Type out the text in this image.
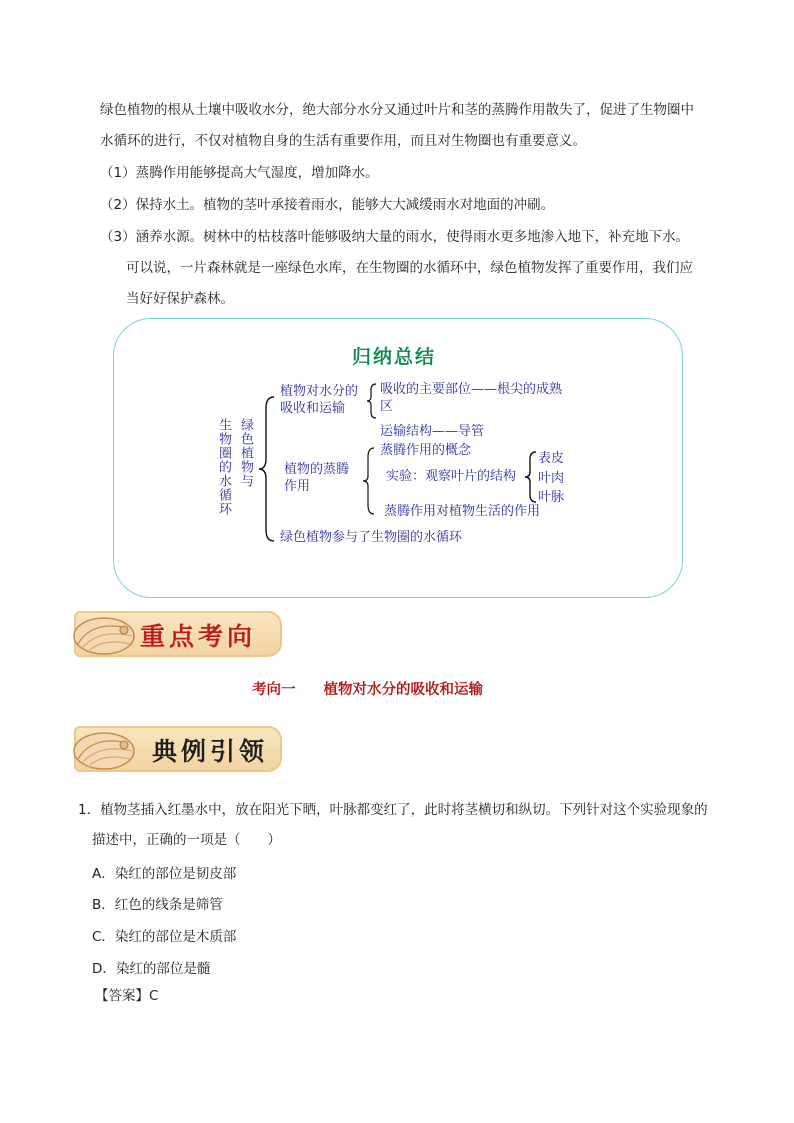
绿色植物的根从土壤中吸收水分，绝大部分水分又通过叶片和茎的蒸腾作用散失了，促进了生物圈中
水循环的进行，不仅对植物自身的生活有重要作用，而且对生物圈也有重要意义。
（1）蒸腾作用能够提高大气湿度，增加降水。
（2）保持水土。植物的茎叶承接着雨水，能够大大减缓雨水对地面的冲刷。
（3）涵养水源。树林中的枯枝落叶能够吸纳大量的雨水，使得雨水更多地渗入地下，补充地下水。
可以说，一片森林就是一座绿色水库，在生物圈的水循环中，绿色植物发挥了重要作用，我们应
当好好保护森林。
归纳总结
生物圈的水循环 绿色植物与
植物对水分的
吸收和运输
吸收的主要部位——根尖的成熟
区
运输结构——导管
植物的蒸腾
作用
蒸腾作用的概念
实验：观察叶片的结构
表皮
叶肉
叶脉
蒸腾作用对植物生活的作用
绿色植物参与了生物圈的水循环
重点考向
考向一 植物对水分的吸收和运输
典例引领
1．植物茎插入红墨水中，放在阳光下晒，叶脉都变红了，此时将茎横切和纵切。下列针对这个实验现象的
描述中，正确的一项是（　　）
A．染红的部位是韧皮部
B．红色的线条是筛管
C．染红的部位是木质部
D．染红的部位是髓
【答案】C
